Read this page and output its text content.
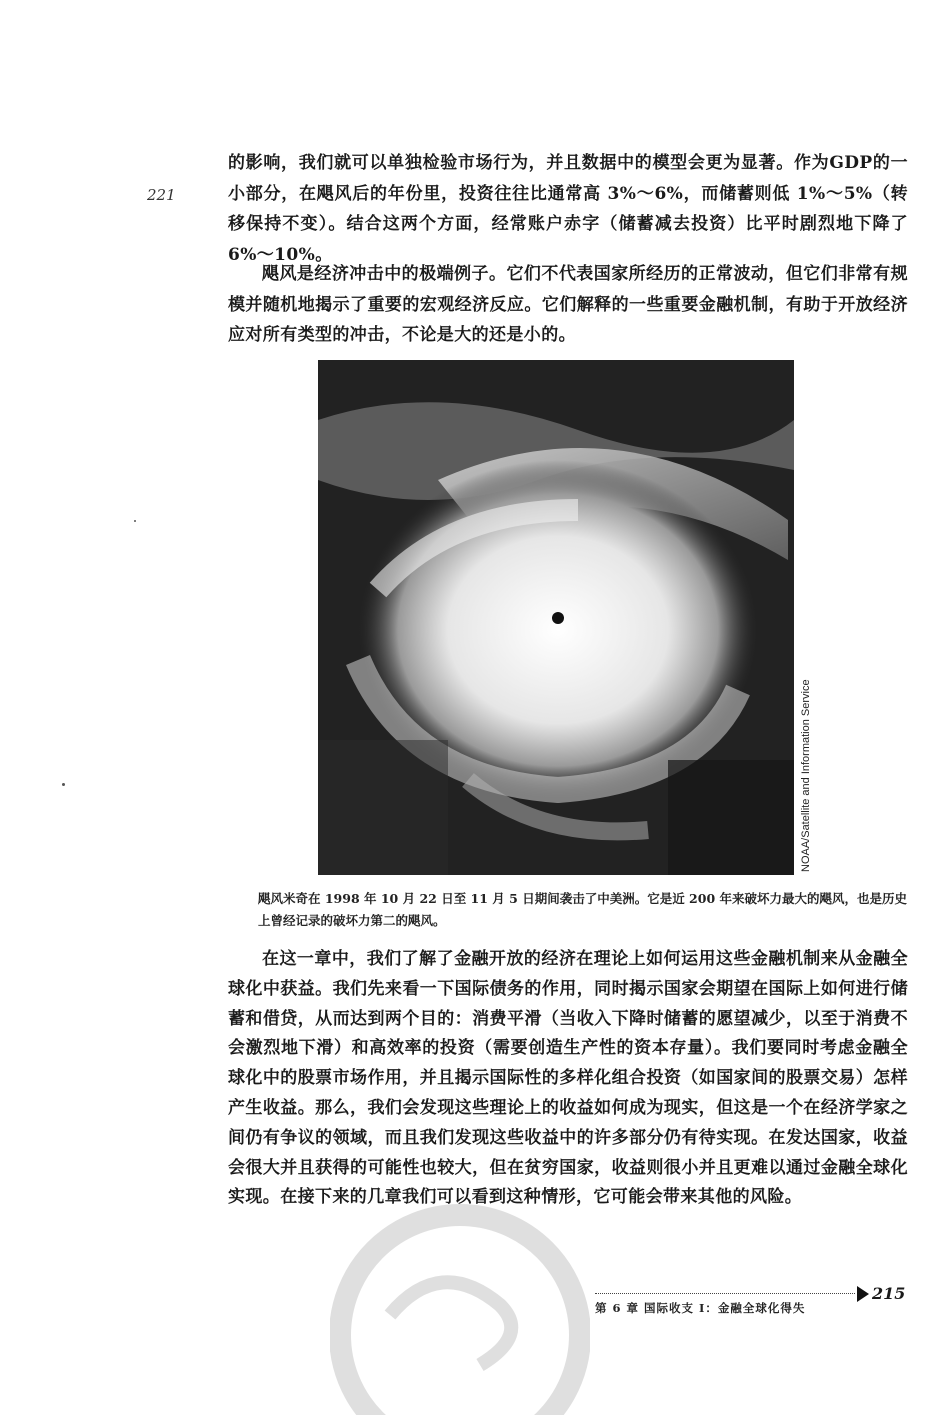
221
的影响，我们就可以单独检验市场行为，并且数据中的模型会更为显著。作为GDP的一小部分，在飓风后的年份里，投资往往比通常高 3%～6%，而储蓄则低 1%～5%（转移保持不变）。结合这两个方面，经常账户赤字（储蓄减去投资）比平时剧烈地下降了 6%～10%。
飓风是经济冲击中的极端例子。它们不代表国家所经历的正常波动，但它们非常有规模并随机地揭示了重要的宏观经济反应。它们解释的一些重要金融机制，有助于开放经济应对所有类型的冲击，不论是大的还是小的。
NOAA/Satellite and Information Service
飓风米奇在 1998 年 10 月 22 日至 11 月 5 日期间袭击了中美洲。它是近 200 年来破坏力最大的飓风，也是历史上曾经记录的破坏力第二的飓风。
在这一章中，我们了解了金融开放的经济在理论上如何运用这些金融机制来从金融全球化中获益。我们先来看一下国际债务的作用，同时揭示国家会期望在国际上如何进行储蓄和借贷，从而达到两个目的：消费平滑（当收入下降时储蓄的愿望减少，以至于消费不会激烈地下滑）和高效率的投资（需要创造生产性的资本存量）。我们要同时考虑金融全球化中的股票市场作用，并且揭示国际性的多样化组合投资（如国家间的股票交易）怎样产生收益。那么，我们会发现这些理论上的收益如何成为现实，但这是一个在经济学家之间仍有争议的领域，而且我们发现这些收益中的许多部分仍有待实现。在发达国家，收益会很大并且获得的可能性也较大，但在贫穷国家，收益则很小并且更难以通过金融全球化实现。在接下来的几章我们可以看到这种情形，它可能会带来其他的风险。
215
第 6 章 国际收支 I：金融全球化得失
